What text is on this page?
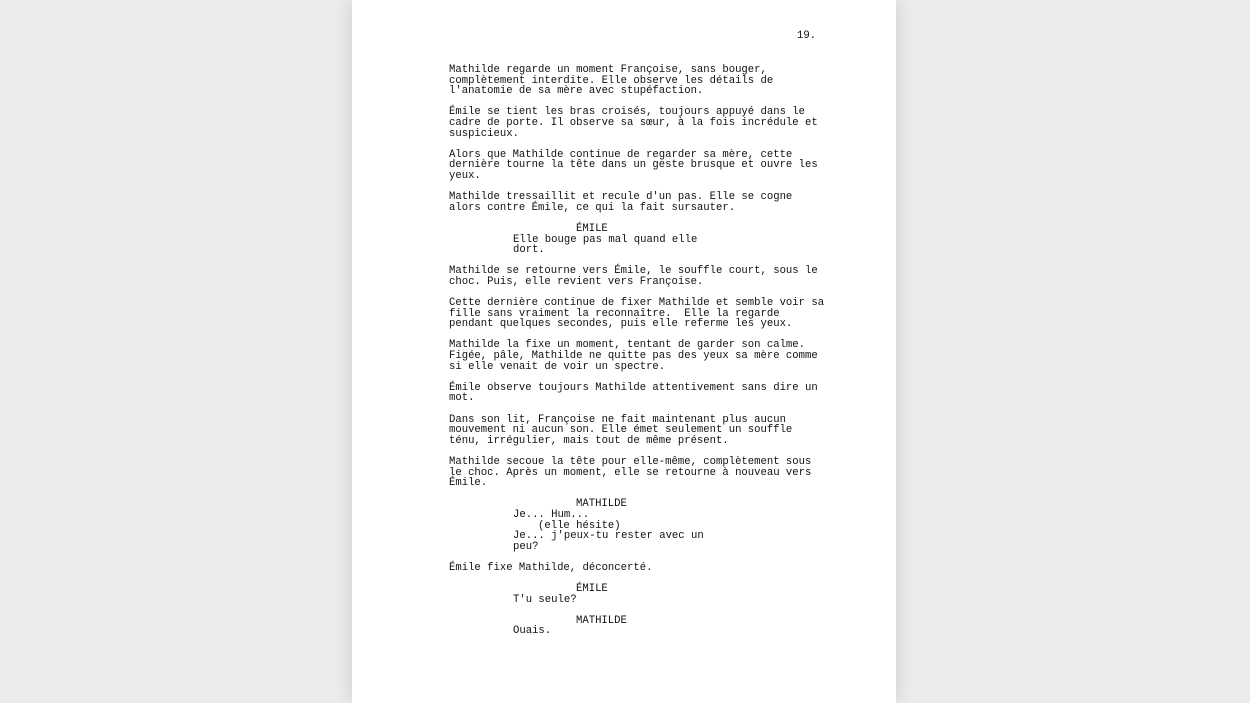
19.
Mathilde regarde un moment Françoise, sans bouger,
complètement interdite. Elle observe les détails de
l'anatomie de sa mère avec stupéfaction.
Émile se tient les bras croisés, toujours appuyé dans le
cadre de porte. Il observe sa sœur, à la fois incrédule et
suspicieux.
Alors que Mathilde continue de regarder sa mère, cette
dernière tourne la tête dans un geste brusque et ouvre les
yeux.
Mathilde tressaillit et recule d'un pas. Elle se cogne
alors contre Émile, ce qui la fait sursauter.
ÉMILE
Elle bouge pas mal quand elle
dort.
Mathilde se retourne vers Émile, le souffle court, sous le
choc. Puis, elle revient vers Françoise.
Cette dernière continue de fixer Mathilde et semble voir sa
fille sans vraiment la reconnaître.  Elle la regarde
pendant quelques secondes, puis elle referme les yeux.
Mathilde la fixe un moment, tentant de garder son calme.
Figée, pâle, Mathilde ne quitte pas des yeux sa mère comme
si elle venait de voir un spectre.
Émile observe toujours Mathilde attentivement sans dire un
mot.
Dans son lit, Françoise ne fait maintenant plus aucun
mouvement ni aucun son. Elle émet seulement un souffle
ténu, irrégulier, mais tout de même présent.
Mathilde secoue la tête pour elle-même, complètement sous
le choc. Après un moment, elle se retourne à nouveau vers
Émile.
MATHILDE
Je... Hum...
(elle hésite)
Je... j'peux-tu rester avec un
peu?
Émile fixe Mathilde, déconcerté.
ÉMILE
T'u seule?
MATHILDE
Ouais.
